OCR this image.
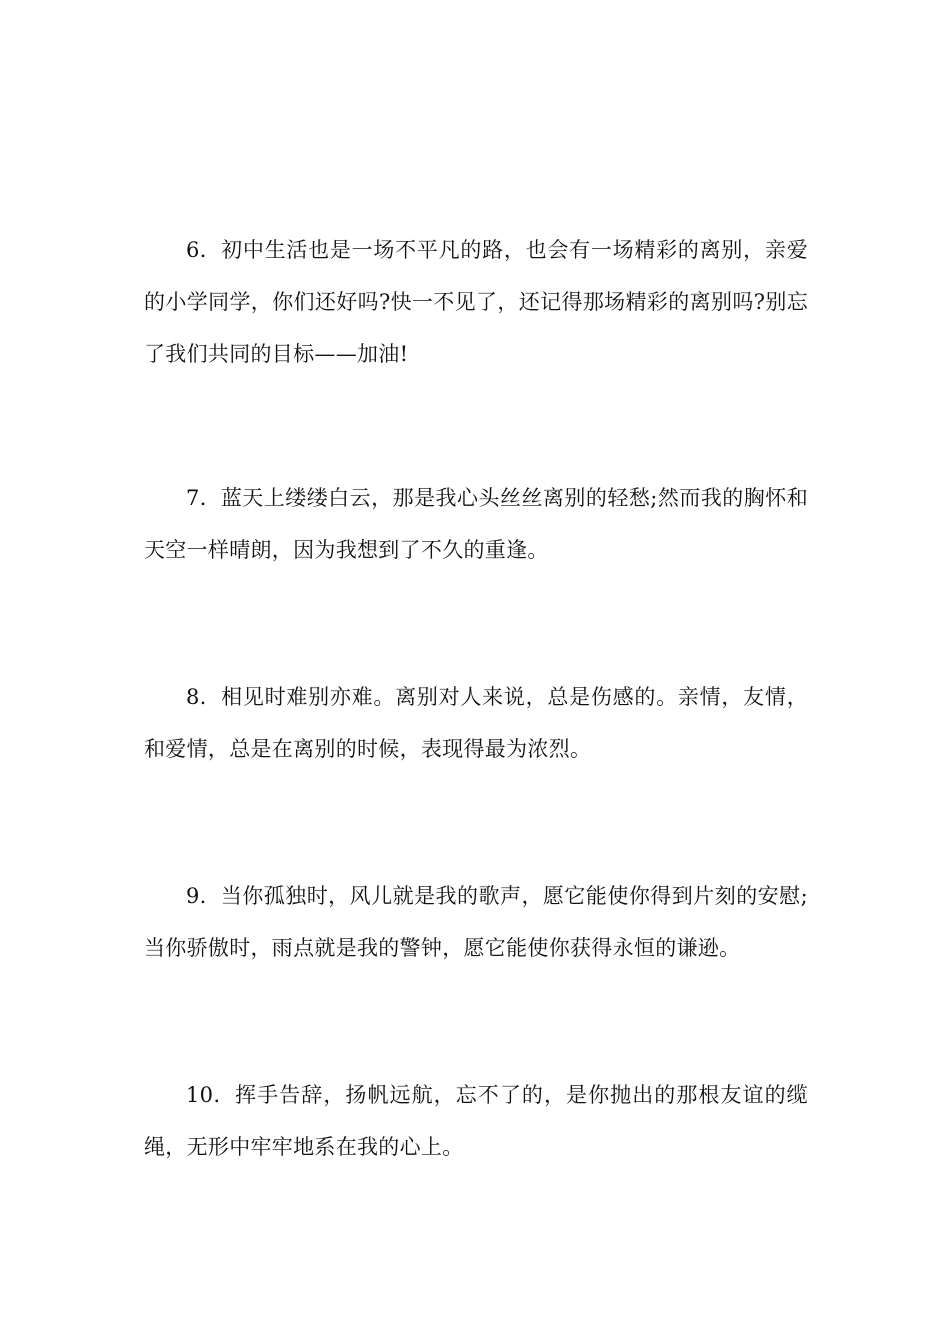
6. 初中生活也是一场不平凡的路，也会有一场精彩的离别，亲爱的小学同学，你们还好吗?快一不见了，还记得那场精彩的离别吗?别忘了我们共同的目标——加油!

7. 蓝天上缕缕白云，那是我心头丝丝离别的轻愁;然而我的胸怀和天空一样晴朗，因为我想到了不久的重逢。

8. 相见时难别亦难。离别对人来说，总是伤感的。亲情，友情，和爱情，总是在离别的时候，表现得最为浓烈。

9. 当你孤独时，风儿就是我的歌声，愿它能使你得到片刻的安慰;当你骄傲时，雨点就是我的警钟，愿它能使你获得永恒的谦逊。

10. 挥手告辞，扬帆远航，忘不了的，是你抛出的那根友谊的缆绳，无形中牢牢地系在我的心上。
